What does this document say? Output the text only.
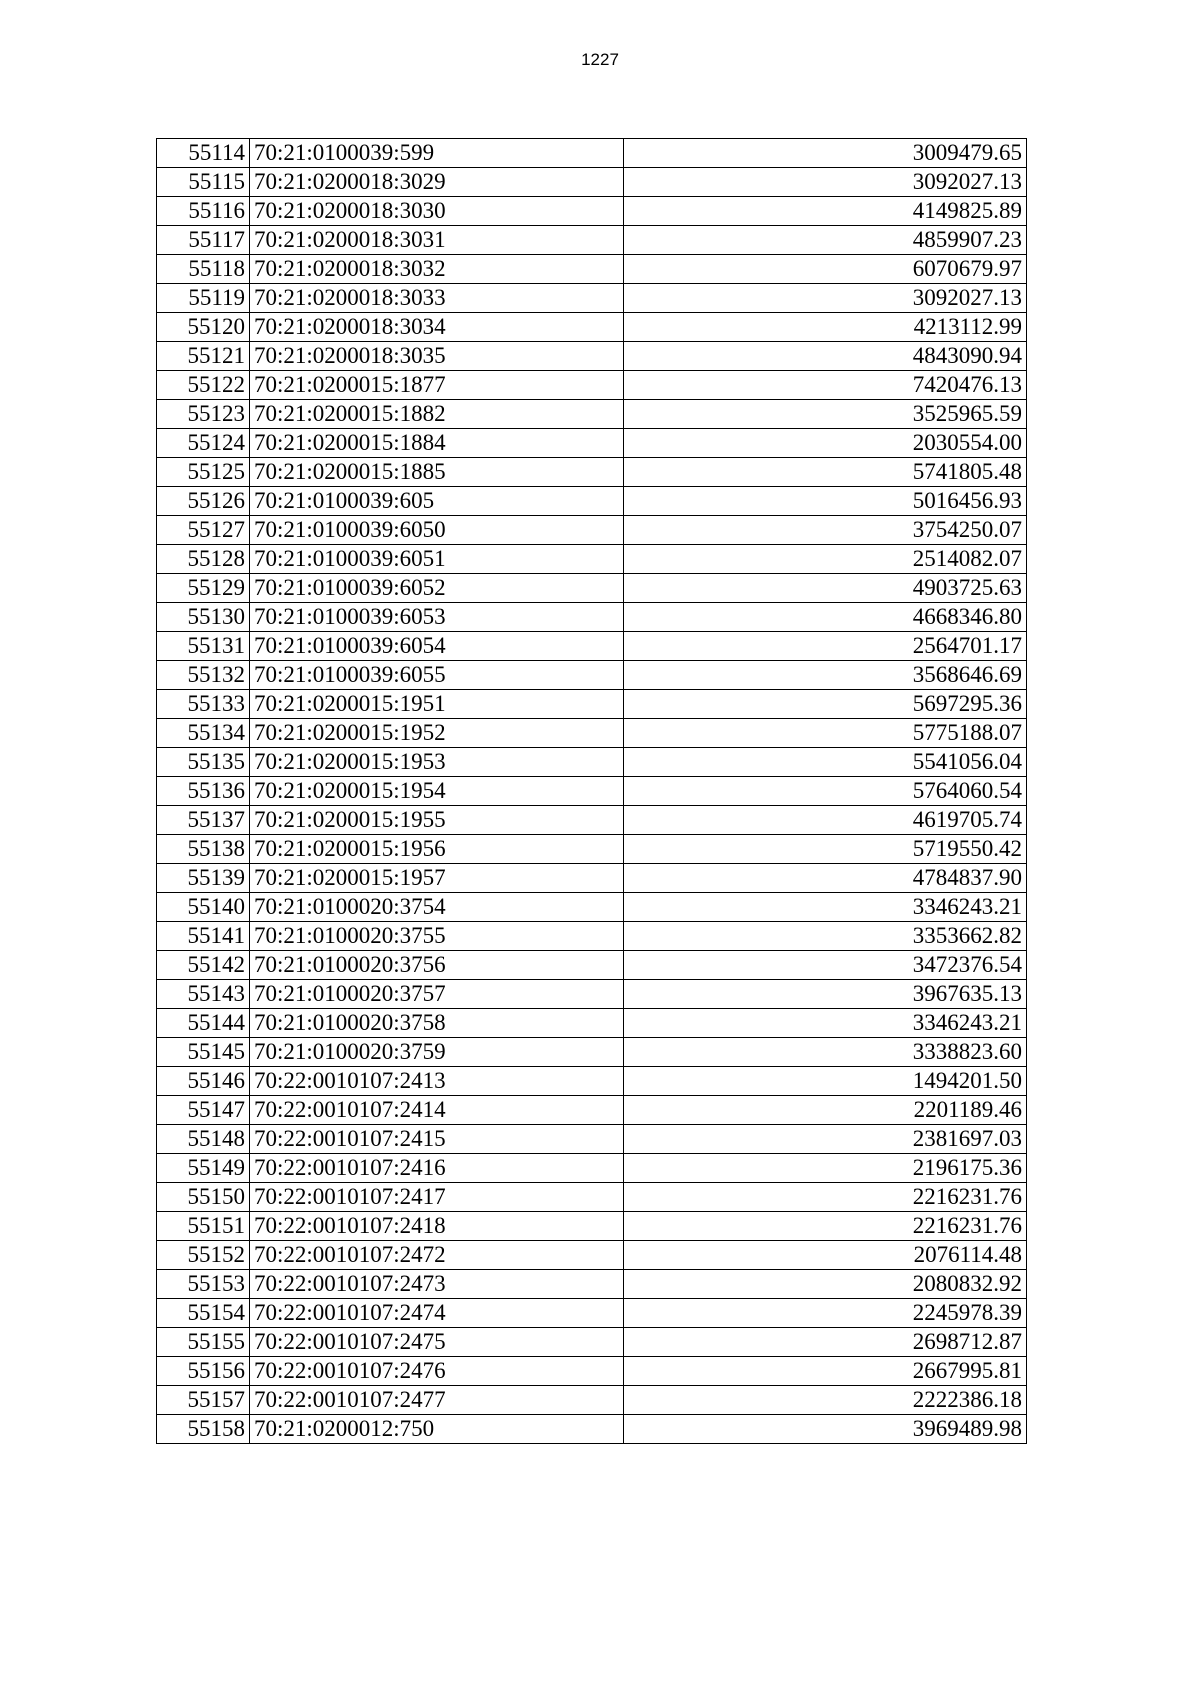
1227
55114	70:21:0100039:599	3009479.65
55115	70:21:0200018:3029	3092027.13
55116	70:21:0200018:3030	4149825.89
55117	70:21:0200018:3031	4859907.23
55118	70:21:0200018:3032	6070679.97
55119	70:21:0200018:3033	3092027.13
55120	70:21:0200018:3034	4213112.99
55121	70:21:0200018:3035	4843090.94
55122	70:21:0200015:1877	7420476.13
55123	70:21:0200015:1882	3525965.59
55124	70:21:0200015:1884	2030554.00
55125	70:21:0200015:1885	5741805.48
55126	70:21:0100039:605	5016456.93
55127	70:21:0100039:6050	3754250.07
55128	70:21:0100039:6051	2514082.07
55129	70:21:0100039:6052	4903725.63
55130	70:21:0100039:6053	4668346.80
55131	70:21:0100039:6054	2564701.17
55132	70:21:0100039:6055	3568646.69
55133	70:21:0200015:1951	5697295.36
55134	70:21:0200015:1952	5775188.07
55135	70:21:0200015:1953	5541056.04
55136	70:21:0200015:1954	5764060.54
55137	70:21:0200015:1955	4619705.74
55138	70:21:0200015:1956	5719550.42
55139	70:21:0200015:1957	4784837.90
55140	70:21:0100020:3754	3346243.21
55141	70:21:0100020:3755	3353662.82
55142	70:21:0100020:3756	3472376.54
55143	70:21:0100020:3757	3967635.13
55144	70:21:0100020:3758	3346243.21
55145	70:21:0100020:3759	3338823.60
55146	70:22:0010107:2413	1494201.50
55147	70:22:0010107:2414	2201189.46
55148	70:22:0010107:2415	2381697.03
55149	70:22:0010107:2416	2196175.36
55150	70:22:0010107:2417	2216231.76
55151	70:22:0010107:2418	2216231.76
55152	70:22:0010107:2472	2076114.48
55153	70:22:0010107:2473	2080832.92
55154	70:22:0010107:2474	2245978.39
55155	70:22:0010107:2475	2698712.87
55156	70:22:0010107:2476	2667995.81
55157	70:22:0010107:2477	2222386.18
55158	70:21:0200012:750	3969489.98
